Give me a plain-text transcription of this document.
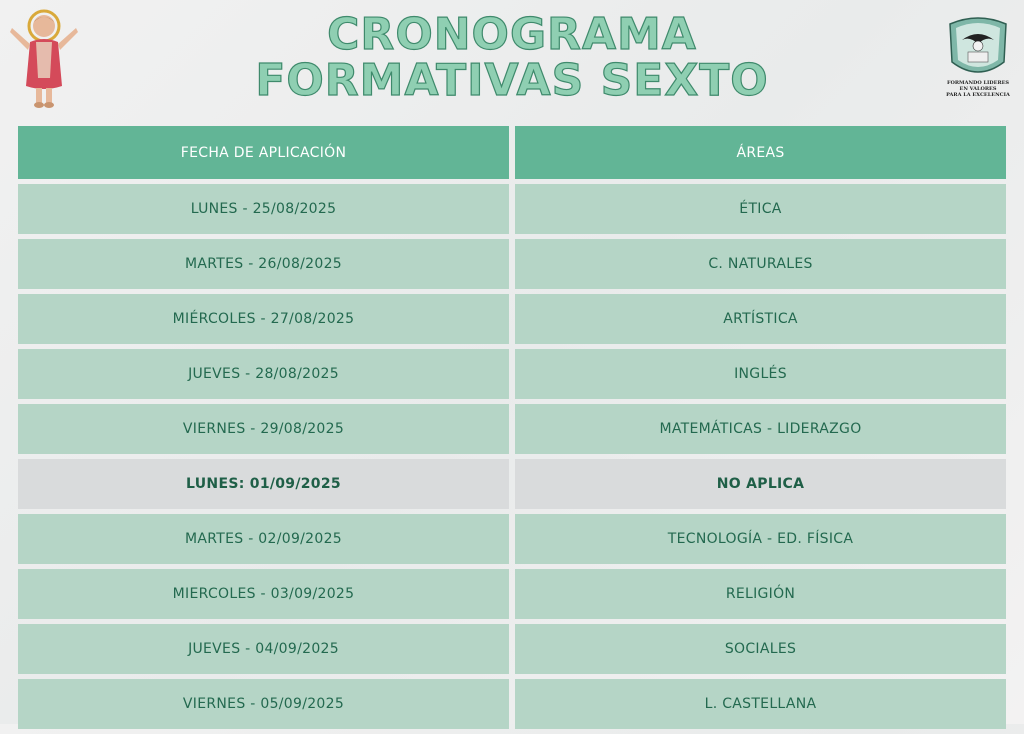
CRONOGRAMA
FORMATIVAS SEXTO	FORMANDO LIDERES
EN VALORES
PARA LA EXCELENCIA
FECHA DE APLICACIÓN	ÁREAS
LUNES - 25/08/2025	ÉTICA
MARTES - 26/08/2025	C. NATURALES
MIÉRCOLES - 27/08/2025	ARTÍSTICA
JUEVES - 28/08/2025	INGLÉS
VIERNES - 29/08/2025	MATEMÁTICAS - LIDERAZGO
LUNES: 01/09/2025	NO APLICA
MARTES - 02/09/2025	TECNOLOGÍA - ED. FÍSICA
MIERCOLES - 03/09/2025	RELIGIÓN
JUEVES - 04/09/2025	SOCIALES
VIERNES - 05/09/2025	L. CASTELLANA
